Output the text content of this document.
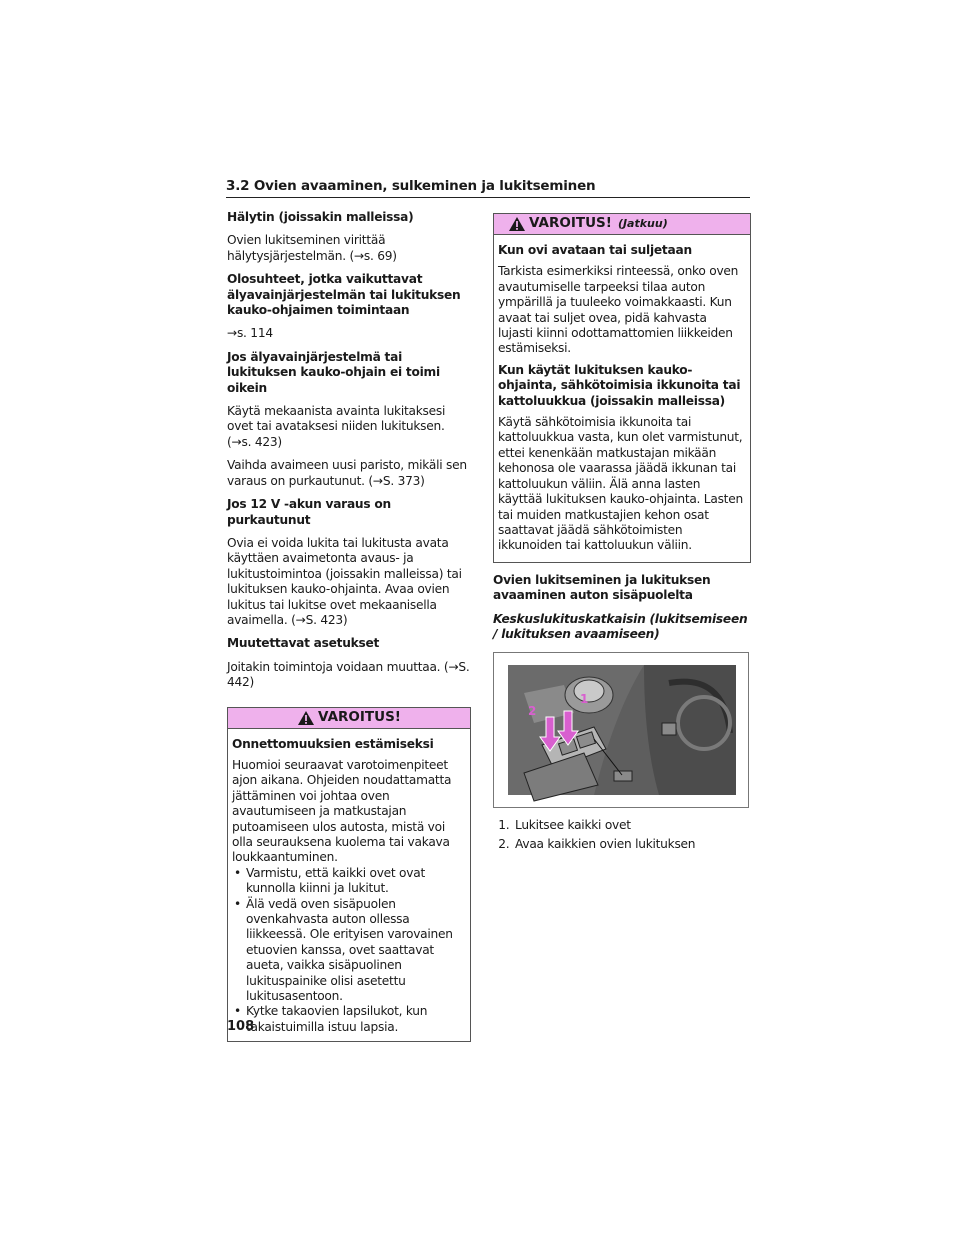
3.2 Ovien avaaminen, sulkeminen ja lukitseminen
Hälytin (joissakin malleissa)
Ovien lukitseminen virittää hälytysjärjestelmän. (→s. 69)
Olosuhteet, jotka vaikuttavat älyavainjärjestelmän tai lukituksen kauko-ohjaimen toimintaan
→s. 114
Jos älyavainjärjestelmä tai lukituksen kauko-ohjain ei toimi oikein
Käytä mekaanista avainta lukitaksesi ovet tai avataksesi niiden lukituksen. (→s. 423)
Vaihda avaimeen uusi paristo, mikäli sen varaus on purkautunut. (→S. 373)
Jos 12 V -akun varaus on purkautunut
Ovia ei voida lukita tai lukitusta avata käyttäen avaimetonta avaus- ja lukitustoimintoa (joissakin malleissa) tai lukituksen kauko-ohjainta. Avaa ovien lukitus tai lukitse ovet mekaanisella avaimella. (→S. 423)
Muutettavat asetukset
Joitakin toimintoja voidaan muuttaa. (→S. 442)
VAROITUS!
Onnettomuuksien estämiseksi
Huomioi seuraavat varotoimenpiteet ajon aikana. Ohjeiden noudattamatta jättäminen voi johtaa oven avautumiseen ja matkustajan putoamiseen ulos autosta, mistä voi olla seurauksena kuolema tai vakava loukkaantuminen.
• Varmistu, että kaikki ovet ovat kunnolla kiinni ja lukitut.
• Älä vedä oven sisäpuolen ovenkahvasta auton ollessa liikkeessä. Ole erityisen varovainen etuovien kanssa, ovet saattavat aueta, vaikka sisäpuolinen lukituspainike olisi asetettu lukitusasentoon.
• Kytke takaovien lapsilukot, kun takaistuimilla istuu lapsia.
VAROITUS! (Jatkuu)
Kun ovi avataan tai suljetaan
Tarkista esimerkiksi rinteessä, onko oven avautumiselle tarpeeksi tilaa auton ympärillä ja tuuleeko voimakkaasti. Kun avaat tai suljet ovea, pidä kahvasta lujasti kiinni odottamattomien liikkeiden estämiseksi.
Kun käytät lukituksen kauko-ohjainta, sähkötoimisia ikkunoita tai kattoluukkua (joissakin malleissa)
Käytä sähkötoimisia ikkunoita tai kattoluukkua vasta, kun olet varmistunut, ettei kenenkään matkustajan mikään kehonosa ole vaarassa jäädä ikkunan tai kattoluukun väliin. Älä anna lasten käyttää lukituksen kauko-ohjainta. Lasten tai muiden matkustajien kehon osat saattavat jäädä sähkötoimisten ikkunoiden tai kattoluukun väliin.
Ovien lukitseminen ja lukituksen avaaminen auton sisäpuolelta
Keskuslukituskatkaisin (lukitsemiseen / lukituksen avaamiseen)
1
2
1. Lukitsee kaikki ovet
2. Avaa kaikkien ovien lukituksen
108
